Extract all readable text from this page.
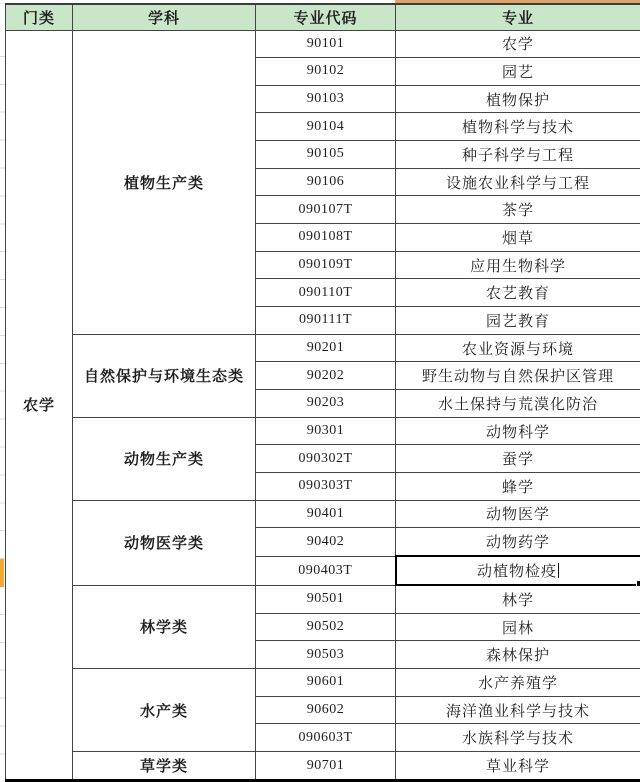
门类	学科	专业代码	专业
农学	植物生产类	90101	农学
		90102	园艺
		90103	植物保护
		90104	植物科学与技术
		90105	种子科学与工程
		90106	设施农业科学与工程
		090107T	茶学
		090108T	烟草
		090109T	应用生物科学
		090110T	农艺教育
		090111T	园艺教育
	自然保护与环境生态类	90201	农业资源与环境
		90202	野生动物与自然保护区管理
		90203	水土保持与荒漠化防治
	动物生产类	90301	动物科学
		090302T	蚕学
		090303T	蜂学
	动物医学类	90401	动物医学
		90402	动物药学
		090403T	动植物检疫

	林学类	90501	林学
		90502	园林
		90503	森林保护
	水产类	90601	水产养殖学
		90602	海洋渔业科学与技术
		090603T	水族科学与技术
	草学类	90701	草业科学
